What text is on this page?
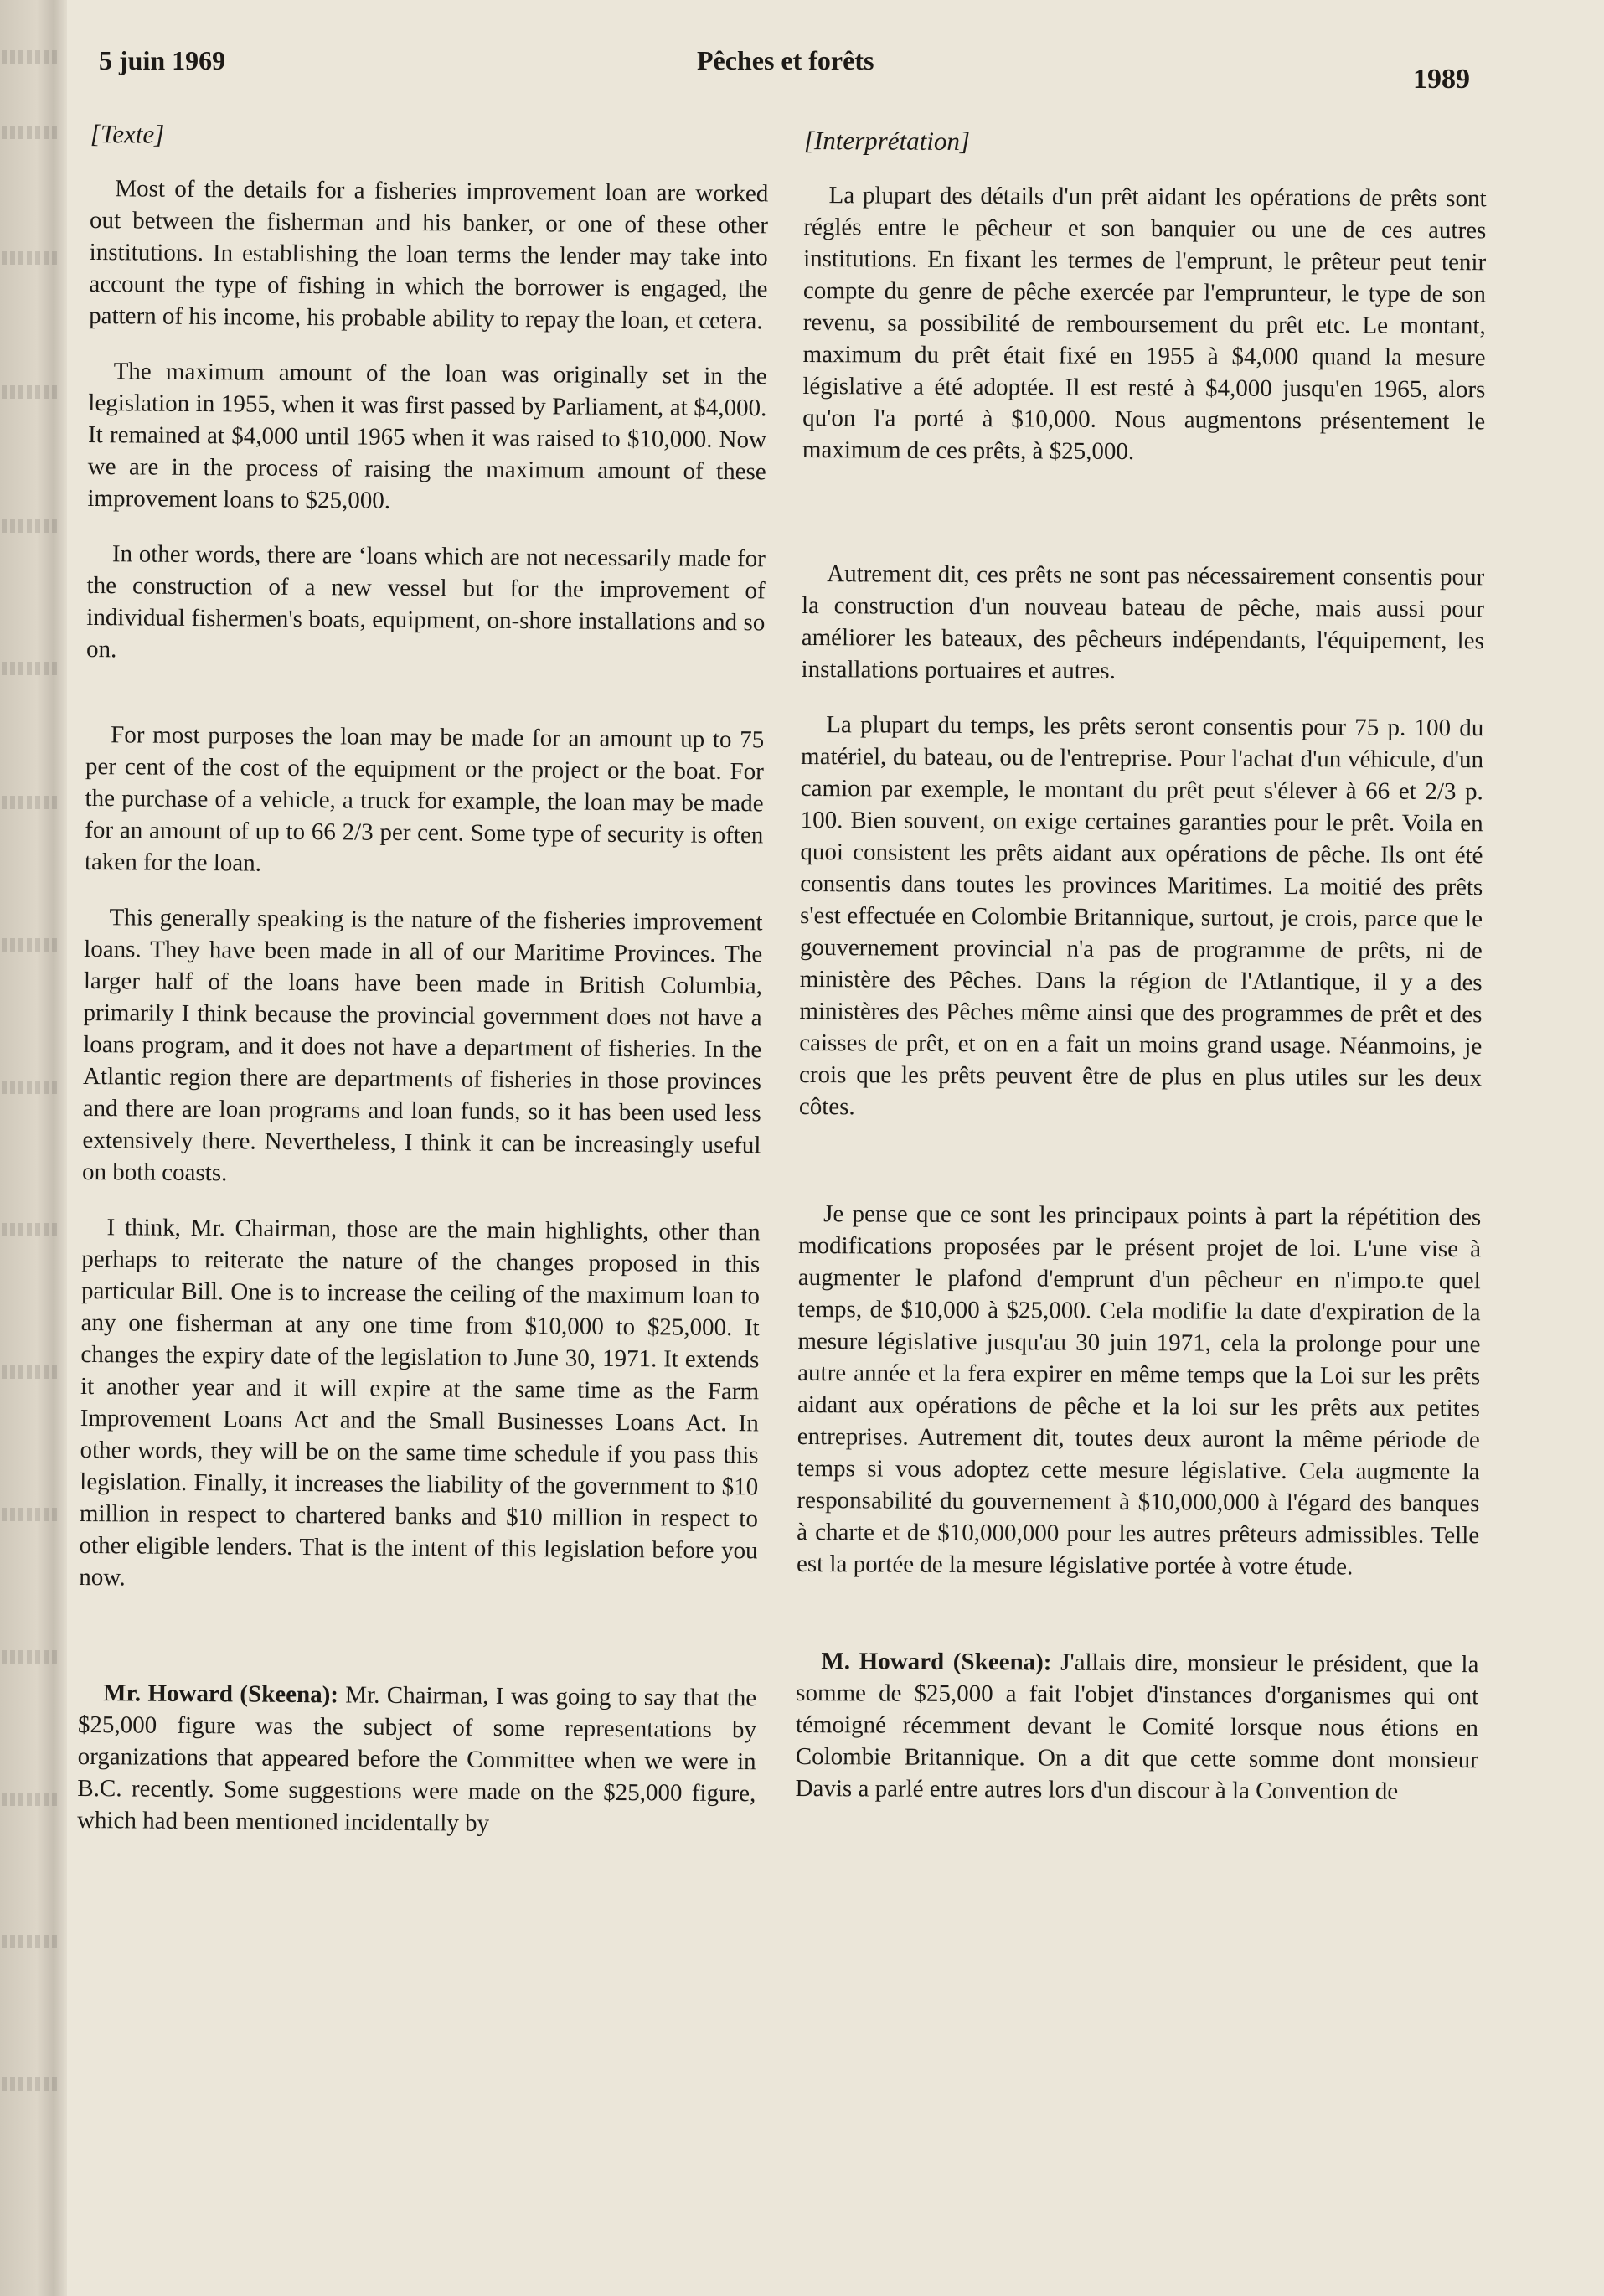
5 juin 1969	Pêches et forêts
1989
[Texte]

Most of the details for a fisheries improvement loan are worked out between the fisherman and his banker, or one of these other institutions. In establishing the loan terms the lender may take into account the type of fishing in which the borrower is engaged, the pattern of his income, his probable ability to repay the loan, et cetera.

The maximum amount of the loan was originally set in the legislation in 1955, when it was first passed by Parliament, at $4,000. It remained at $4,000 until 1965 when it was raised to $10,000. Now we are in the process of raising the maximum amount of these improvement loans to $25,000.

In other words, there are ‘loans which are not necessarily made for the construction of a new vessel but for the improvement of individual fishermen's boats, equipment, on-shore installations and so on.

For most purposes the loan may be made for an amount up to 75 per cent of the cost of the equipment or the project or the boat. For the purchase of a vehicle, a truck for example, the loan may be made for an amount of up to 66 2/3 per cent. Some type of security is often taken for the loan.

This generally speaking is the nature of the fisheries improvement loans. They have been made in all of our Maritime Provinces. The larger half of the loans have been made in British Columbia, primarily I think because the provincial government does not have a loans program, and it does not have a department of fisheries. In the Atlantic region there are departments of fisheries in those provinces and there are loan programs and loan funds, so it has been used less extensively there. Nevertheless, I think it can be increasingly useful on both coasts.

I think, Mr. Chairman, those are the main highlights, other than perhaps to reiterate the nature of the changes proposed in this particular Bill. One is to increase the ceiling of the maximum loan to any one fisherman at any one time from $10,000 to $25,000. It changes the expiry date of the legislation to June 30, 1971. It extends it another year and it will expire at the same time as the Farm Improvement Loans Act and the Small Businesses Loans Act. In other words, they will be on the same time schedule if you pass this legislation. Finally, it increases the liability of the government to $10 million in respect to chartered banks and $10 million in respect to other eligible lenders. That is the intent of this legislation before you now.

Mr. Howard (Skeena): Mr. Chairman, I was going to say that the $25,000 figure was the subject of some representations by organizations that appeared before the Committee when we were in B.C. recently. Some suggestions were made on the $25,000 figure, which had been mentioned incidentally by

[Interprétation]

La plupart des détails d'un prêt aidant les opérations de prêts sont réglés entre le pêcheur et son banquier ou une de ces autres institutions. En fixant les termes de l'emprunt, le prêteur peut tenir compte du genre de pêche exercée par l'emprunteur, le type de son revenu, sa possibilité de remboursement du prêt etc. Le montant, maximum du prêt était fixé en 1955 à $4,000 quand la mesure législative a été adoptée. Il est resté à $4,000 jusqu'en 1965, alors qu'on l'a porté à $10,000. Nous augmentons présentement le maximum de ces prêts, à $25,000.

Autrement dit, ces prêts ne sont pas nécessairement consentis pour la construction d'un nouveau bateau de pêche, mais aussi pour améliorer les bateaux, des pêcheurs indépendants, l'équipement, les installations portuaires et autres.

La plupart du temps, les prêts seront consentis pour 75 p. 100 du matériel, du bateau, ou de l'entreprise. Pour l'achat d'un véhicule, d'un camion par exemple, le montant du prêt peut s'élever à 66 et 2/3 p. 100. Bien souvent, on exige certaines garanties pour le prêt. Voila en quoi consistent les prêts aidant aux opérations de pêche. Ils ont été consentis dans toutes les provinces Maritimes. La moitié des prêts s'est effectuée en Colombie Britannique, surtout, je crois, parce que le gouvernement provincial n'a pas de programme de prêts, ni de ministère des Pêches. Dans la région de l'Atlantique, il y a des ministères des Pêches même ainsi que des programmes de prêt et des caisses de prêt, et on en a fait un moins grand usage. Néanmoins, je crois que les prêts peuvent être de plus en plus utiles sur les deux côtes.

Je pense que ce sont les principaux points à part la répétition des modifications proposées par le présent projet de loi. L'une vise à augmenter le plafond d'emprunt d'un pêcheur en n'impo.te quel temps, de $10,000 à $25,000. Cela modifie la date d'expiration de la mesure législative jusqu'au 30 juin 1971, cela la prolonge pour une autre année et la fera expirer en même temps que la Loi sur les prêts aidant aux opérations de pêche et la loi sur les prêts aux petites entreprises. Autrement dit, toutes deux auront la même période de temps si vous adoptez cette mesure législative. Cela augmente la responsabilité du gouvernement à $10,000,000 à l'égard des banques à charte et de $10,000,000 pour les autres prêteurs admissibles. Telle est la portée de la mesure législative portée à votre étude.

M. Howard (Skeena): J'allais dire, monsieur le président, que la somme de $25,000 a fait l'objet d'instances d'organismes qui ont témoigné récemment devant le Comité lorsque nous étions en Colombie Britannique. On a dit que cette somme dont monsieur Davis a parlé entre autres lors d'un discour à la Convention de
